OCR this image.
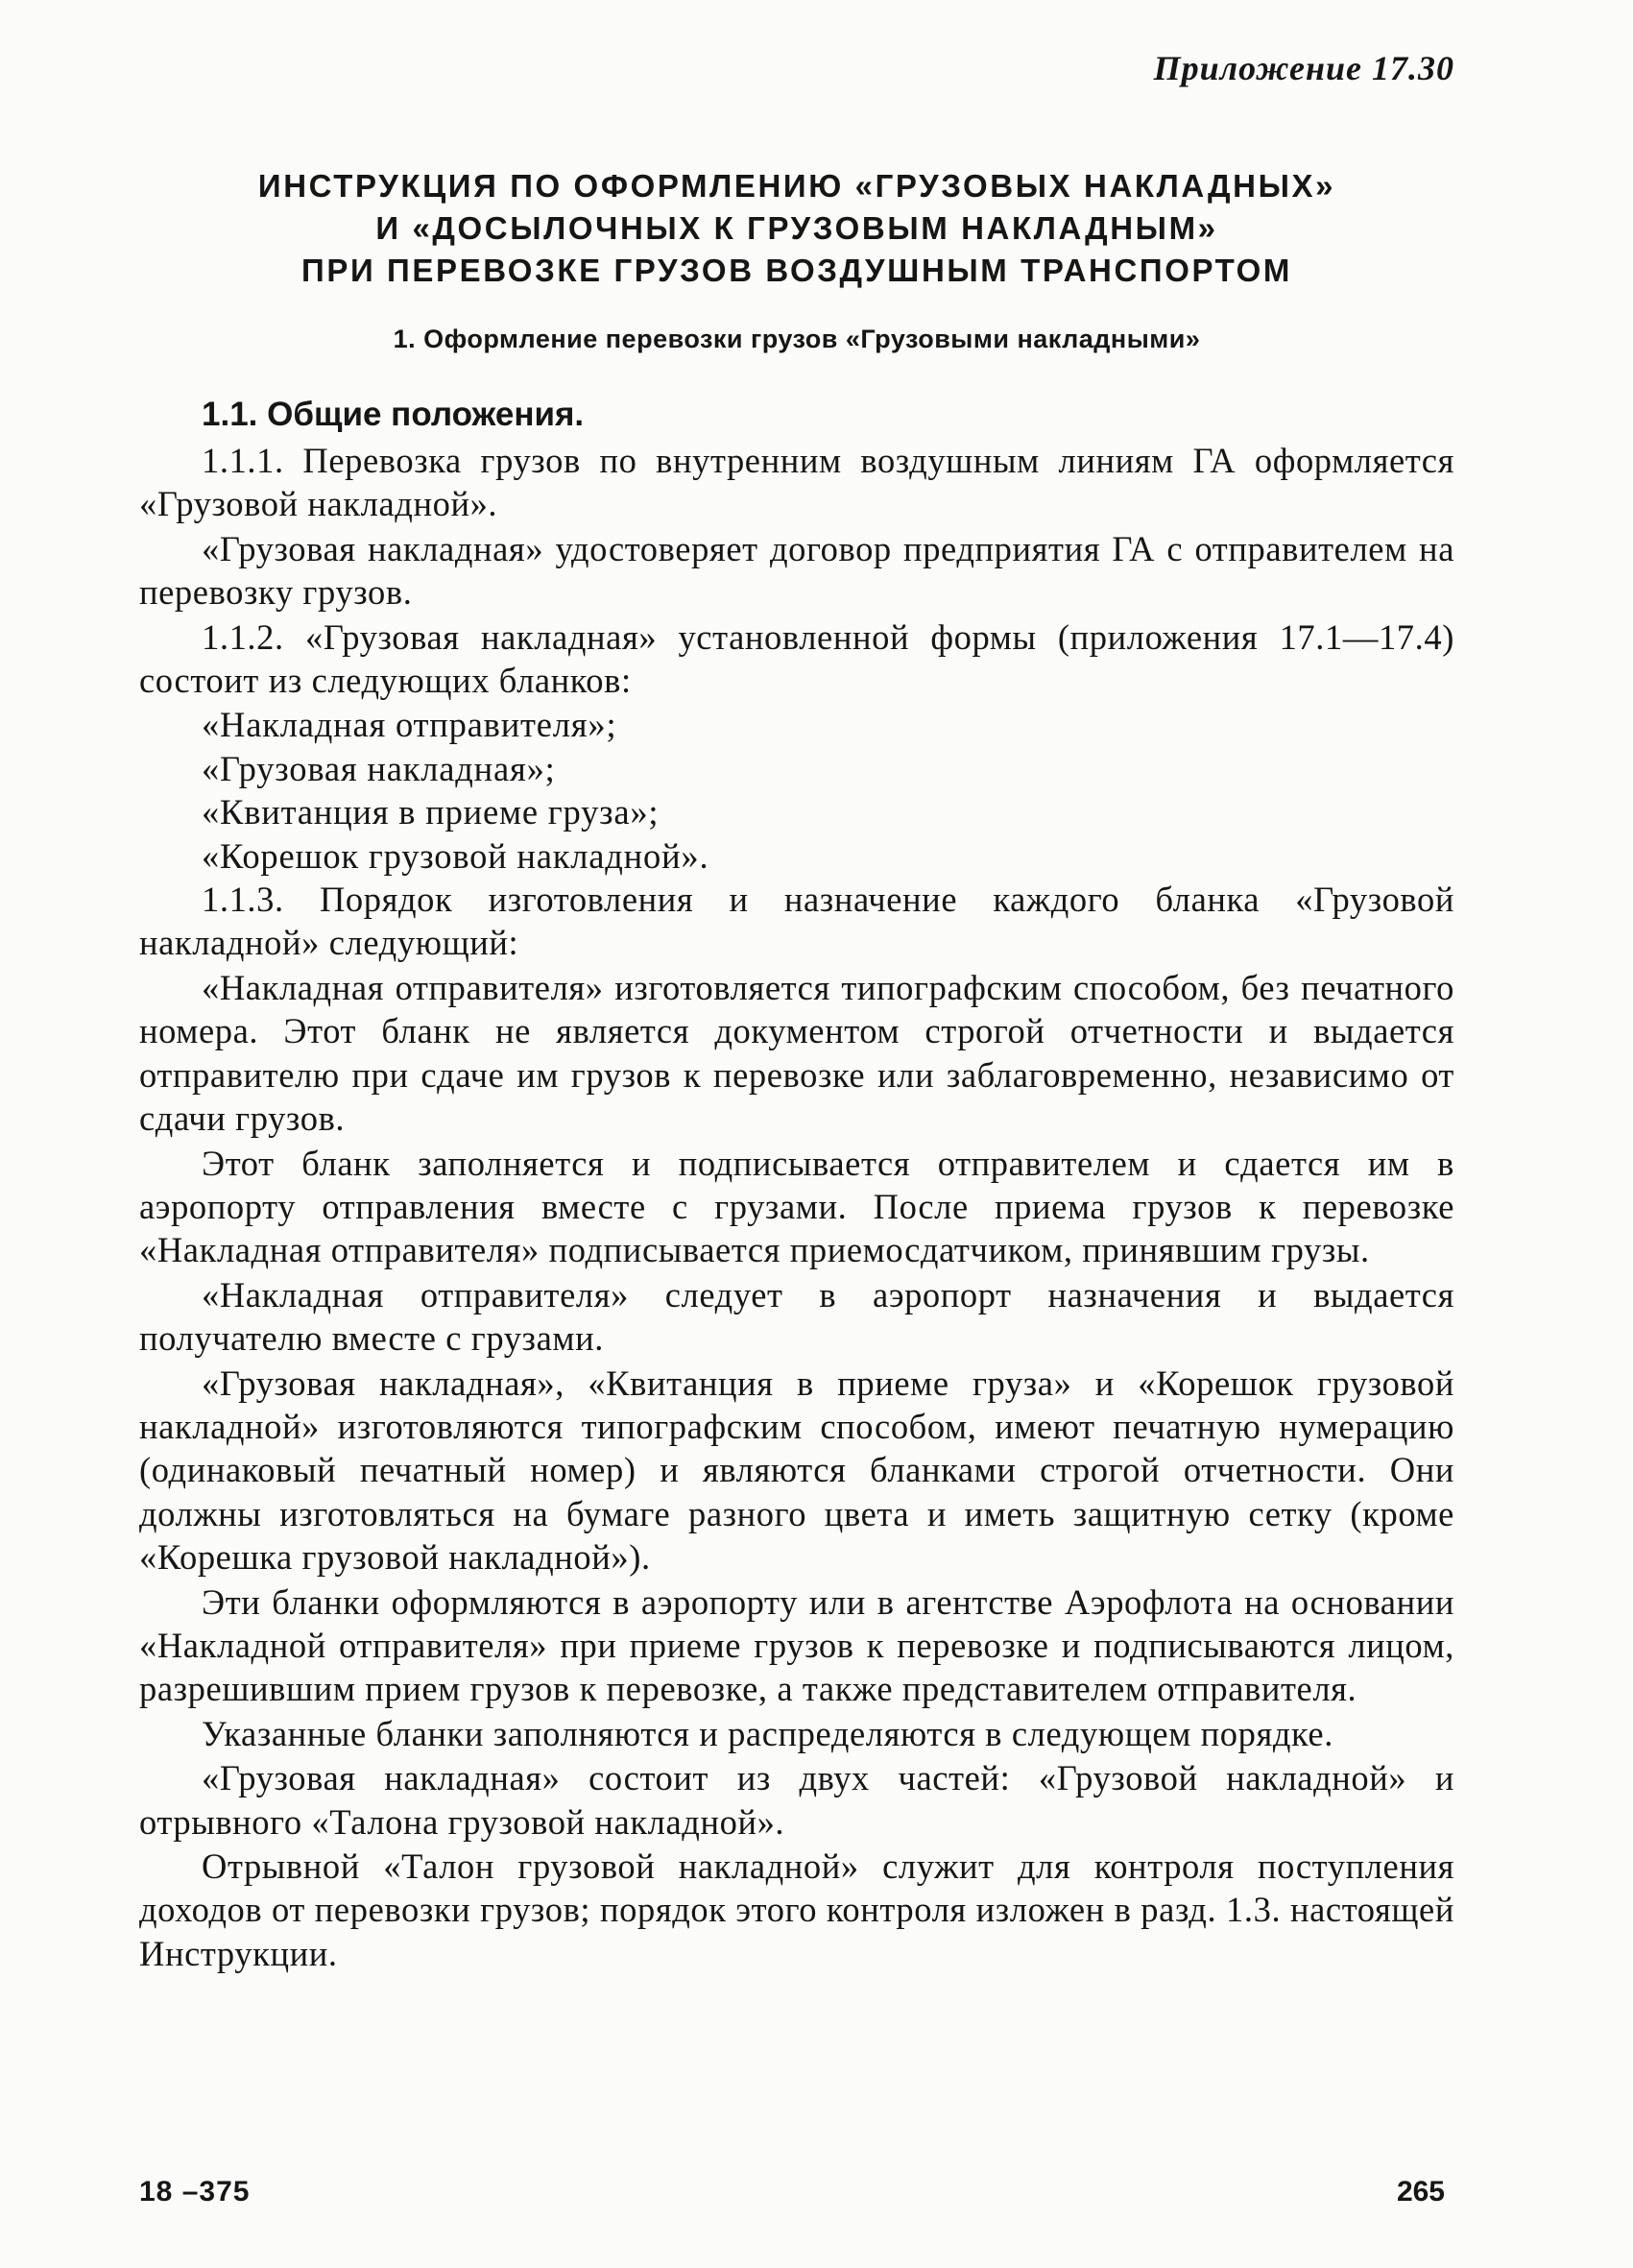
Приложение 17.30
ИНСТРУКЦИЯ ПО ОФОРМЛЕНИЮ «ГРУЗОВЫХ НАКЛАДНЫХ»
И «ДОСЫЛОЧНЫХ К ГРУЗОВЫМ НАКЛАДНЫМ»
ПРИ ПЕРЕВОЗКЕ ГРУЗОВ ВОЗДУШНЫМ ТРАНСПОРТОМ
1. Оформление перевозки грузов «Грузовыми накладными»
1.1. Общие положения.

1.1.1. Перевозка грузов по внутренним воздушным линиям ГА оформляется «Грузовой накладной».

«Грузовая накладная» удостоверяет договор предприятия ГА с отправителем на перевозку грузов.

1.1.2. «Грузовая накладная» установленной формы (приложения 17.1—17.4) состоит из следующих бланков:

«Накладная отправителя»;

«Грузовая накладная»;

«Квитанция в приеме груза»;

«Корешок грузовой накладной».

1.1.3. Порядок изготовления и назначение каждого бланка «Грузовой накладной» следующий:

«Накладная отправителя» изготовляется типографским способом, без печатного номера. Этот бланк не является документом строгой отчетности и выдается отправителю при сдаче им грузов к перевозке или заблаговременно, независимо от сдачи грузов.

Этот бланк заполняется и подписывается отправителем и сдается им в аэропорту отправления вместе с грузами. После приема грузов к перевозке «Накладная отправителя» подписывается приемосдатчиком, принявшим грузы.

«Накладная отправителя» следует в аэропорт назначения и выдается получателю вместе с грузами.

«Грузовая накладная», «Квитанция в приеме груза» и «Корешок грузовой накладной» изготовляются типографским способом, имеют печатную нумерацию (одинаковый печатный номер) и являются бланками строгой отчетности. Они должны изготовляться на бумаге разного цвета и иметь защитную сетку (кроме «Корешка грузовой накладной»).

Эти бланки оформляются в аэропорту или в агентстве Аэрофлота на основании «Накладной отправителя» при приеме грузов к перевозке и подписываются лицом, разрешившим прием грузов к перевозке, а также представителем отправителя.

Указанные бланки заполняются и распределяются в следующем порядке.

«Грузовая накладная» состоит из двух частей: «Грузовой накладной» и отрывного «Талона грузовой накладной».

Отрывной «Талон грузовой накладной» служит для контроля поступления доходов от перевозки грузов; порядок этого контроля изложен в разд. 1.3. настоящей Инструкции.

18 –375	265
